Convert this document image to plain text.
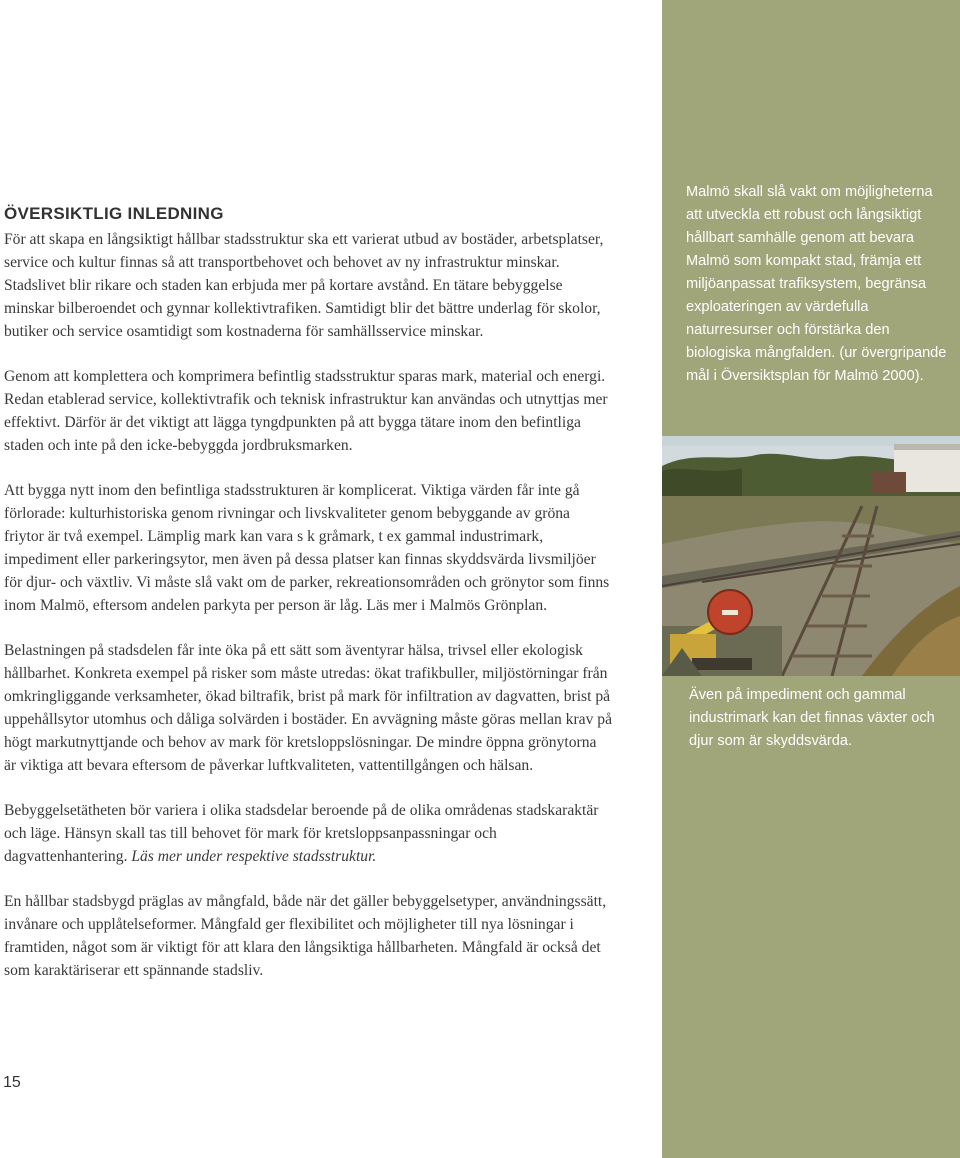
ÖVERSIKTLIG INLEDNING

För att skapa en långsiktigt hållbar stadsstruktur ska ett varierat utbud av bostäder, arbetsplatser, service och kultur finnas så att transportbehovet och behovet av ny infrastruktur minskar. Stadslivet blir rikare och staden kan erbjuda mer på kortare avstånd. En tätare bebyggelse minskar bilberoendet och gynnar kollektivtrafiken. Samtidigt blir det bättre underlag för skolor, butiker och service osamtidigt som kostnaderna för samhällsservice minskar.

Genom att komplettera och komprimera befintlig stadsstruktur sparas mark, material och energi. Redan etablerad service, kollektivtrafik och teknisk infrastruktur kan användas och utnyttjas mer effektivt. Därför är det viktigt att lägga tyngdpunkten på att bygga tätare inom den befintliga staden och inte på den icke-bebyggda jordbruksmarken.

Att bygga nytt inom den befintliga stadsstrukturen är komplicerat. Viktiga värden får inte gå förlorade: kulturhistoriska genom rivningar och livskvaliteter genom bebyggande av gröna friytor är två exempel. Lämplig mark kan vara s k gråmark, t ex gammal industrimark, impediment eller parkeringsytor, men även på dessa platser kan finnas skyddsvärda livsmiljöer för djur- och växtliv. Vi måste slå vakt om de parker, rekreationsområden och grönytor som finns inom Malmö, eftersom andelen parkyta per person är låg. Läs mer i Malmös Grönplan.

Belastningen på stadsdelen får inte öka på ett sätt som äventyrar hälsa, trivsel eller ekologisk hållbarhet. Konkreta exempel på risker som måste utredas: ökat trafikbuller, miljöstörningar från omkringliggande verksamheter, ökad biltrafik, brist på mark för infiltration av dagvatten, brist på uppehållsytor utomhus och dåliga solvärden i bostäder. En avvägning måste göras mellan krav på högt markutnyttjande och behov av mark för kretsloppslösningar. De mindre öppna grönytorna är viktiga att bevara eftersom de påverkar luftkvaliteten, vattentillgången och hälsan.

Bebyggelsetätheten bör variera i olika stadsdelar beroende på de olika områdenas stadskaraktär och läge. Hänsyn skall tas till behovet för mark för kretsloppsanpassningar och dagvattenhantering. Läs mer under respektive stadsstruktur.

En hållbar stadsbygd präglas av mångfald, både när det gäller bebyggelsetyper, användningssätt, invånare och upplåtelseformer. Mångfald ger flexibilitet och möjligheter till nya lösningar i framtiden, något som är viktigt för att klara den långsiktiga hållbarheten. Mångfald är också det som karaktäriserar ett spännande stadsliv.

15

Malmö skall slå vakt om möjligheterna att utveckla ett robust och långsiktigt hållbart samhälle genom att bevara Malmö som kompakt stad, främja ett miljöanpassat trafiksystem, begränsa exploateringen av värdefulla naturresurser och förstärka den biologiska mångfalden. (ur övergripande mål i Översiktsplan för Malmö 2000).

Även på impediment och gammal industrimark kan det finnas växter och djur som är skyddsvärda.
